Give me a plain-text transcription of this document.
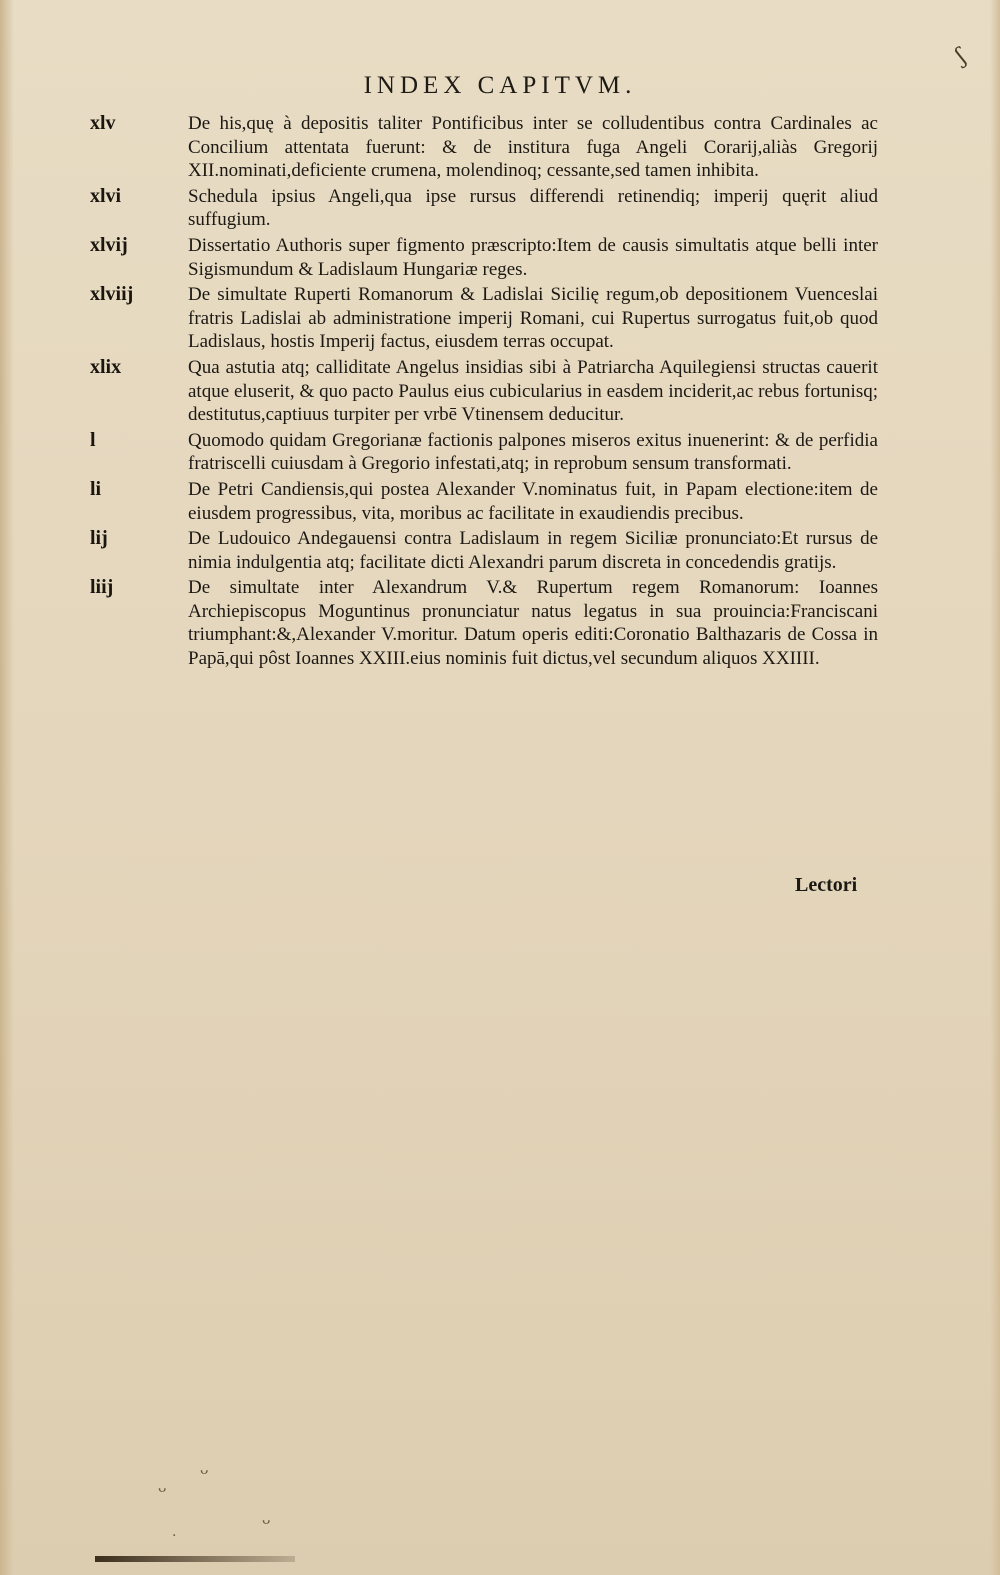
INDEX CAPITVM.
xlv	De his,quę à depositis taliter Pontificibus inter se colludentibus contra Cardinales ac Concilium attentata fuerunt: & de institura fuga Angeli Corarij,aliàs Gregorij XII.nominati,deficiente crumena, molendinoq; cessante,sed tamen inhibita.
xlvi	Schedula ipsius Angeli,qua ipse rursus differendi retinendiq; imperij quęrit aliud suffugium.
xlvij	Dissertatio Authoris super figmento præscripto:Item de causis simultatis atque belli inter Sigismundum & Ladislaum Hungariæ reges.
xlviij	De simultate Ruperti Romanorum & Ladislai Sicilię regum,ob depositionem Vuenceslai fratris Ladislai ab administratione imperij Romani, cui Rupertus surrogatus fuit,ob quod Ladislaus, hostis Imperij factus, eiusdem terras occupat.
xlix	Qua astutia atq; calliditate Angelus insidias sibi à Patriarcha Aquilegiensi structas cauerit atque eluserit, & quo pacto Paulus eius cubicularius in easdem inciderit,ac rebus fortunisq; destitutus,captiuus turpiter per vrbē Vtinensem deducitur.
l	Quomodo quidam Gregorianæ factionis palpones miseros exitus inuenerint: & de perfidia fratriscelli cuiusdam à Gregorio infestati,atq; in reprobum sensum transformati.
li	De Petri Candiensis,qui postea Alexander V.nominatus fuit, in Papam electione:item de eiusdem progressibus, vita, moribus ac facilitate in exaudiendis precibus.
lij	De Ludouico Andegauensi contra Ladislaum in regem Siciliæ pronunciato:Et rursus de nimia indulgentia atq; facilitate dicti Alexandri parum discreta in concedendis gratijs.
liij	De simultate inter Alexandrum V.& Rupertum regem Romanorum: Ioannes Archiepiscopus Moguntinus pronunciatur natus legatus in sua prouincia:Franciscani triumphant:&,Alexander V.moritur. Datum operis editi:Coronatio Balthazaris de Cossa in Papā,qui pôst Ioannes XXIII.eius nominis fuit dictus,vel secundum aliquos XXIIII.
Lectori
ʃ
ᴗ
ᴗ
ᴗ
·
